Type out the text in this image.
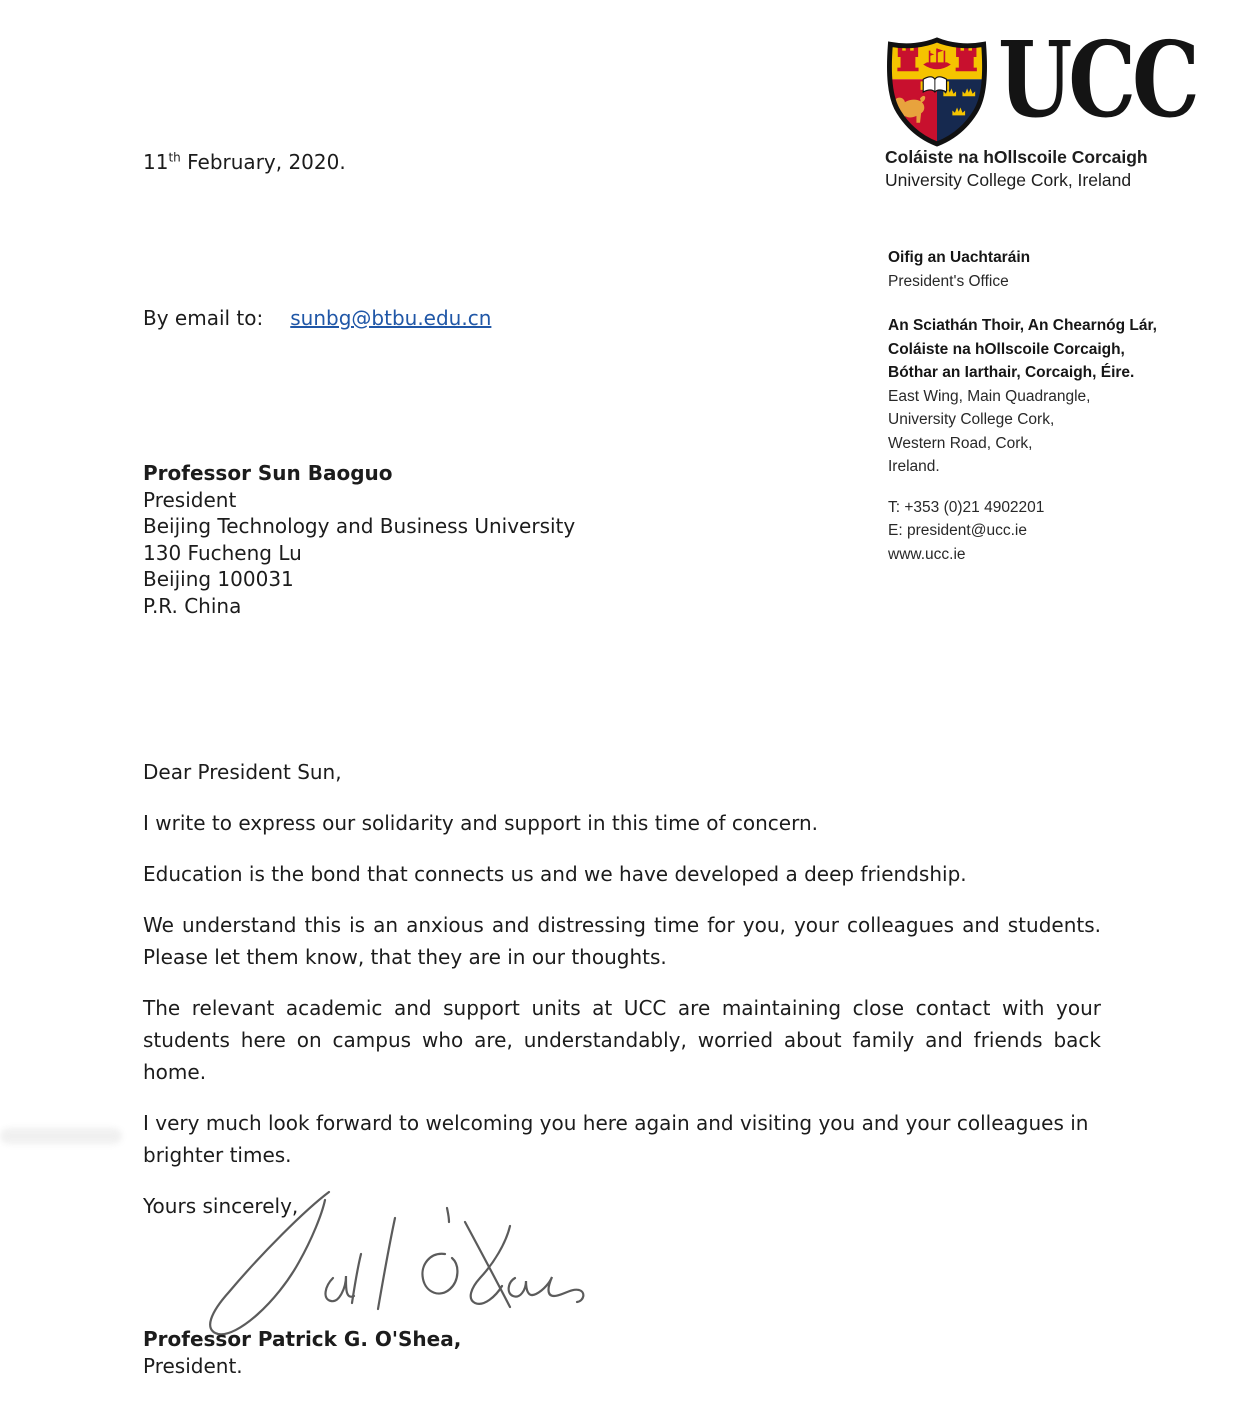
11th February, 2020.
UCC
Coláiste na hOllscoile Corcaigh
University College Cork, Ireland
By email to: sunbg@btbu.edu.cn
Professor Sun Baoguo
President
Beijing Technology and Business University
130 Fucheng Lu
Beijing 100031
P.R. China
Oifig an Uachtaráin
President's Office
An Sciathán Thoir, An Chearnóg Lár,
Coláiste na hOllscoile Corcaigh,
Bóthar an Iarthair, Corcaigh, Éire.
East Wing, Main Quadrangle,
University College Cork,
Western Road, Cork,
Ireland.
T: +353 (0)21 4902201
E: president@ucc.ie
www.ucc.ie

Dear President Sun,

I write to express our solidarity and support in this time of concern.

Education is the bond that connects us and we have developed a deep friendship.

We understand this is an anxious and distressing time for you, your colleagues and students.  Please let them know, that they are in our thoughts.

The relevant academic and support units at UCC are maintaining close contact with your students here on campus who are, understandably, worried about family and friends back home.

I very much look forward to welcoming you here again and visiting you and your colleagues in brighter times.

Yours sincerely,

Professor Patrick G. O'Shea,
President.
